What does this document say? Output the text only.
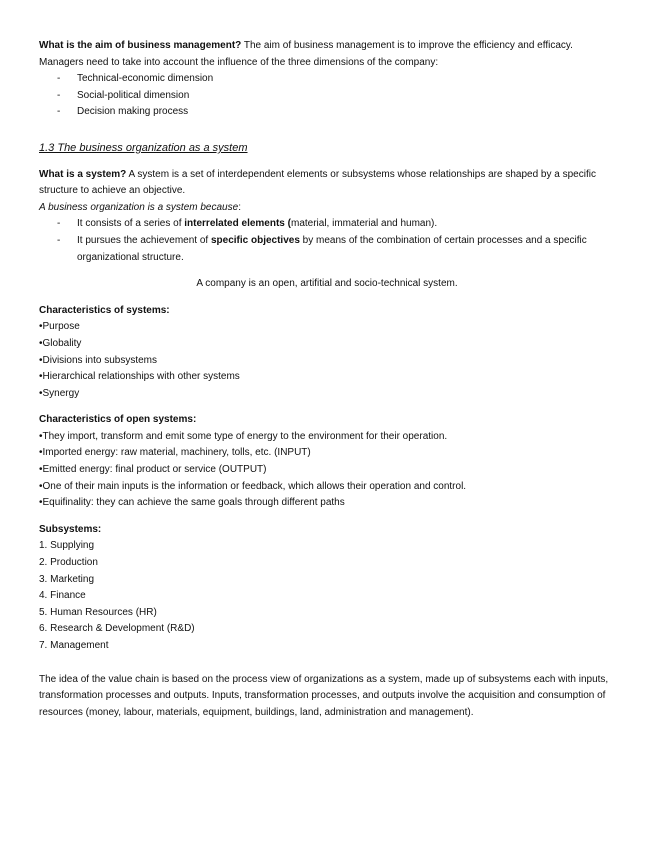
What is the aim of business management? The aim of business management is to improve the efficiency and efficacy. Managers need to take into account the influence of the three dimensions of the company:

- Technical-economic dimension
- Social-political dimension
- Decision making process

1.3 The business organization as a system

What is a system? A system is a set of interdependent elements or subsystems whose relationships are shaped by a specific structure to achieve an objective.

A business organization is a system because:

- It consists of a series of interrelated elements (material, immaterial and human).
- It pursues the achievement of specific objectives by means of the combination of certain processes and a specific organizational structure.

A company is an open, artifitial and socio-technical system.

Characteristics of systems:

• Purpose
• Globality
• Divisions into subsystems
• Hierarchical relationships with other systems
• Synergy

Characteristics of open systems:

• They import, transform and emit some type of energy to the environment for their operation.
• Imported energy: raw material, machinery, tolls, etc. (INPUT)
• Emitted energy: final product or service (OUTPUT)
• One of their main inputs is the information or feedback, which allows their operation and control.
• Equifinality: they can achieve the same goals through different paths

Subsystems:

1. Supplying
2. Production
3. Marketing
4. Finance
5. Human Resources (HR)
6. Research & Development (R&D)
7. Management

The idea of the value chain is based on the process view of organizations as a system, made up of subsystems each with inputs, transformation processes and outputs. Inputs, transformation processes, and outputs involve the acquisition and consumption of resources (money, labour, materials, equipment, buildings, land, administration and management).
